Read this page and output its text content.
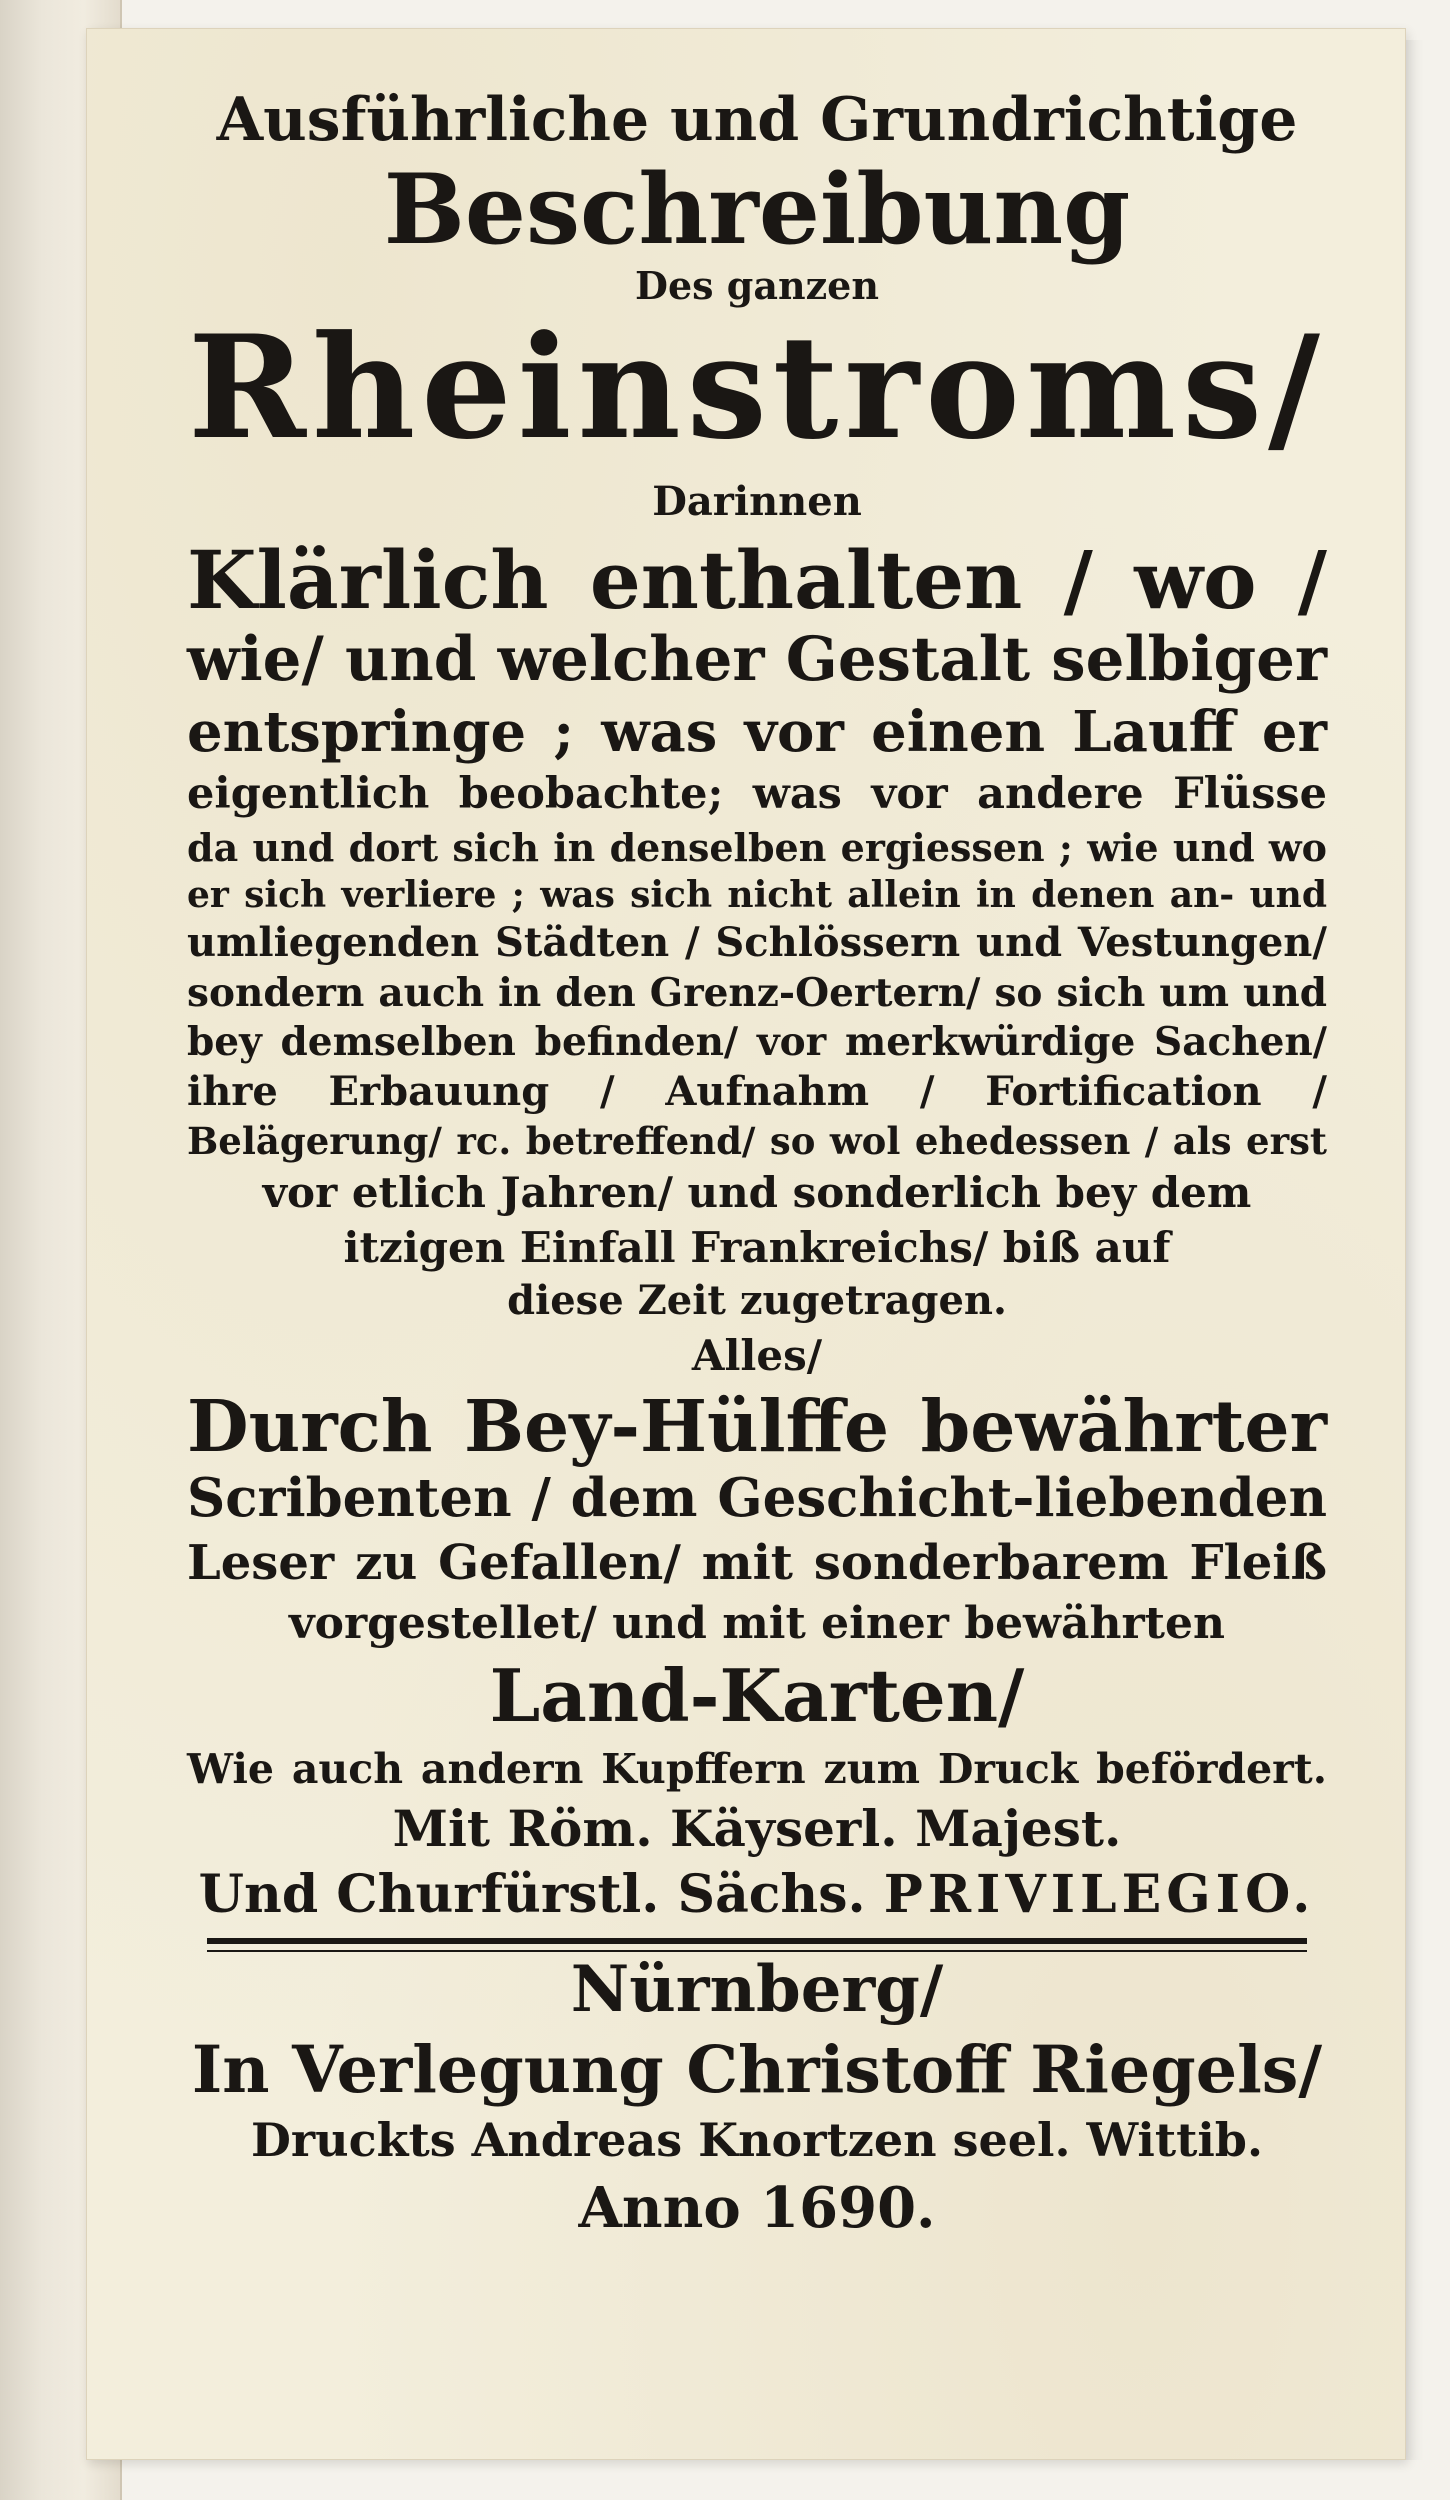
Ausführliche und Grundrichtige
Beschreibung
Des ganzen
Rheinstroms/
Darinnen
Klärlich enthalten / wo /
wie/ und welcher Gestalt selbiger
entspringe ; was vor einen Lauff er
eigentlich beobachte; was vor andere Flüsse
da und dort sich in denselben ergiessen ; wie und wo
er sich verliere ; was sich nicht allein in denen an- und
umliegenden Städten / Schlössern und Vestungen/
sondern auch in den Grenz-Oertern/ so sich um und
bey demselben befinden/ vor merkwürdige Sachen/
ihre Erbauung / Aufnahm / Fortification /
Belägerung/ rc. betreffend/ so wol ehedessen / als erst
vor etlich Jahren/ und sonderlich bey dem
itzigen Einfall Frankreichs/ biß auf
diese Zeit zugetragen.
Alles/
Durch Bey-Hülffe bewährter
Scribenten / dem Geschicht-liebenden
Leser zu Gefallen/ mit sonderbarem Fleiß
vorgestellet/ und mit einer bewährten
Land-Karten/
Wie auch andern Kupffern zum Druck befördert.
Mit Röm. Käyserl. Majest.
Und Churfürstl. Sächs. PRIVILEGIO.
Nürnberg/
In Verlegung Christoff Riegels/
Druckts Andreas Knortzen seel. Wittib.
Anno 1690.
